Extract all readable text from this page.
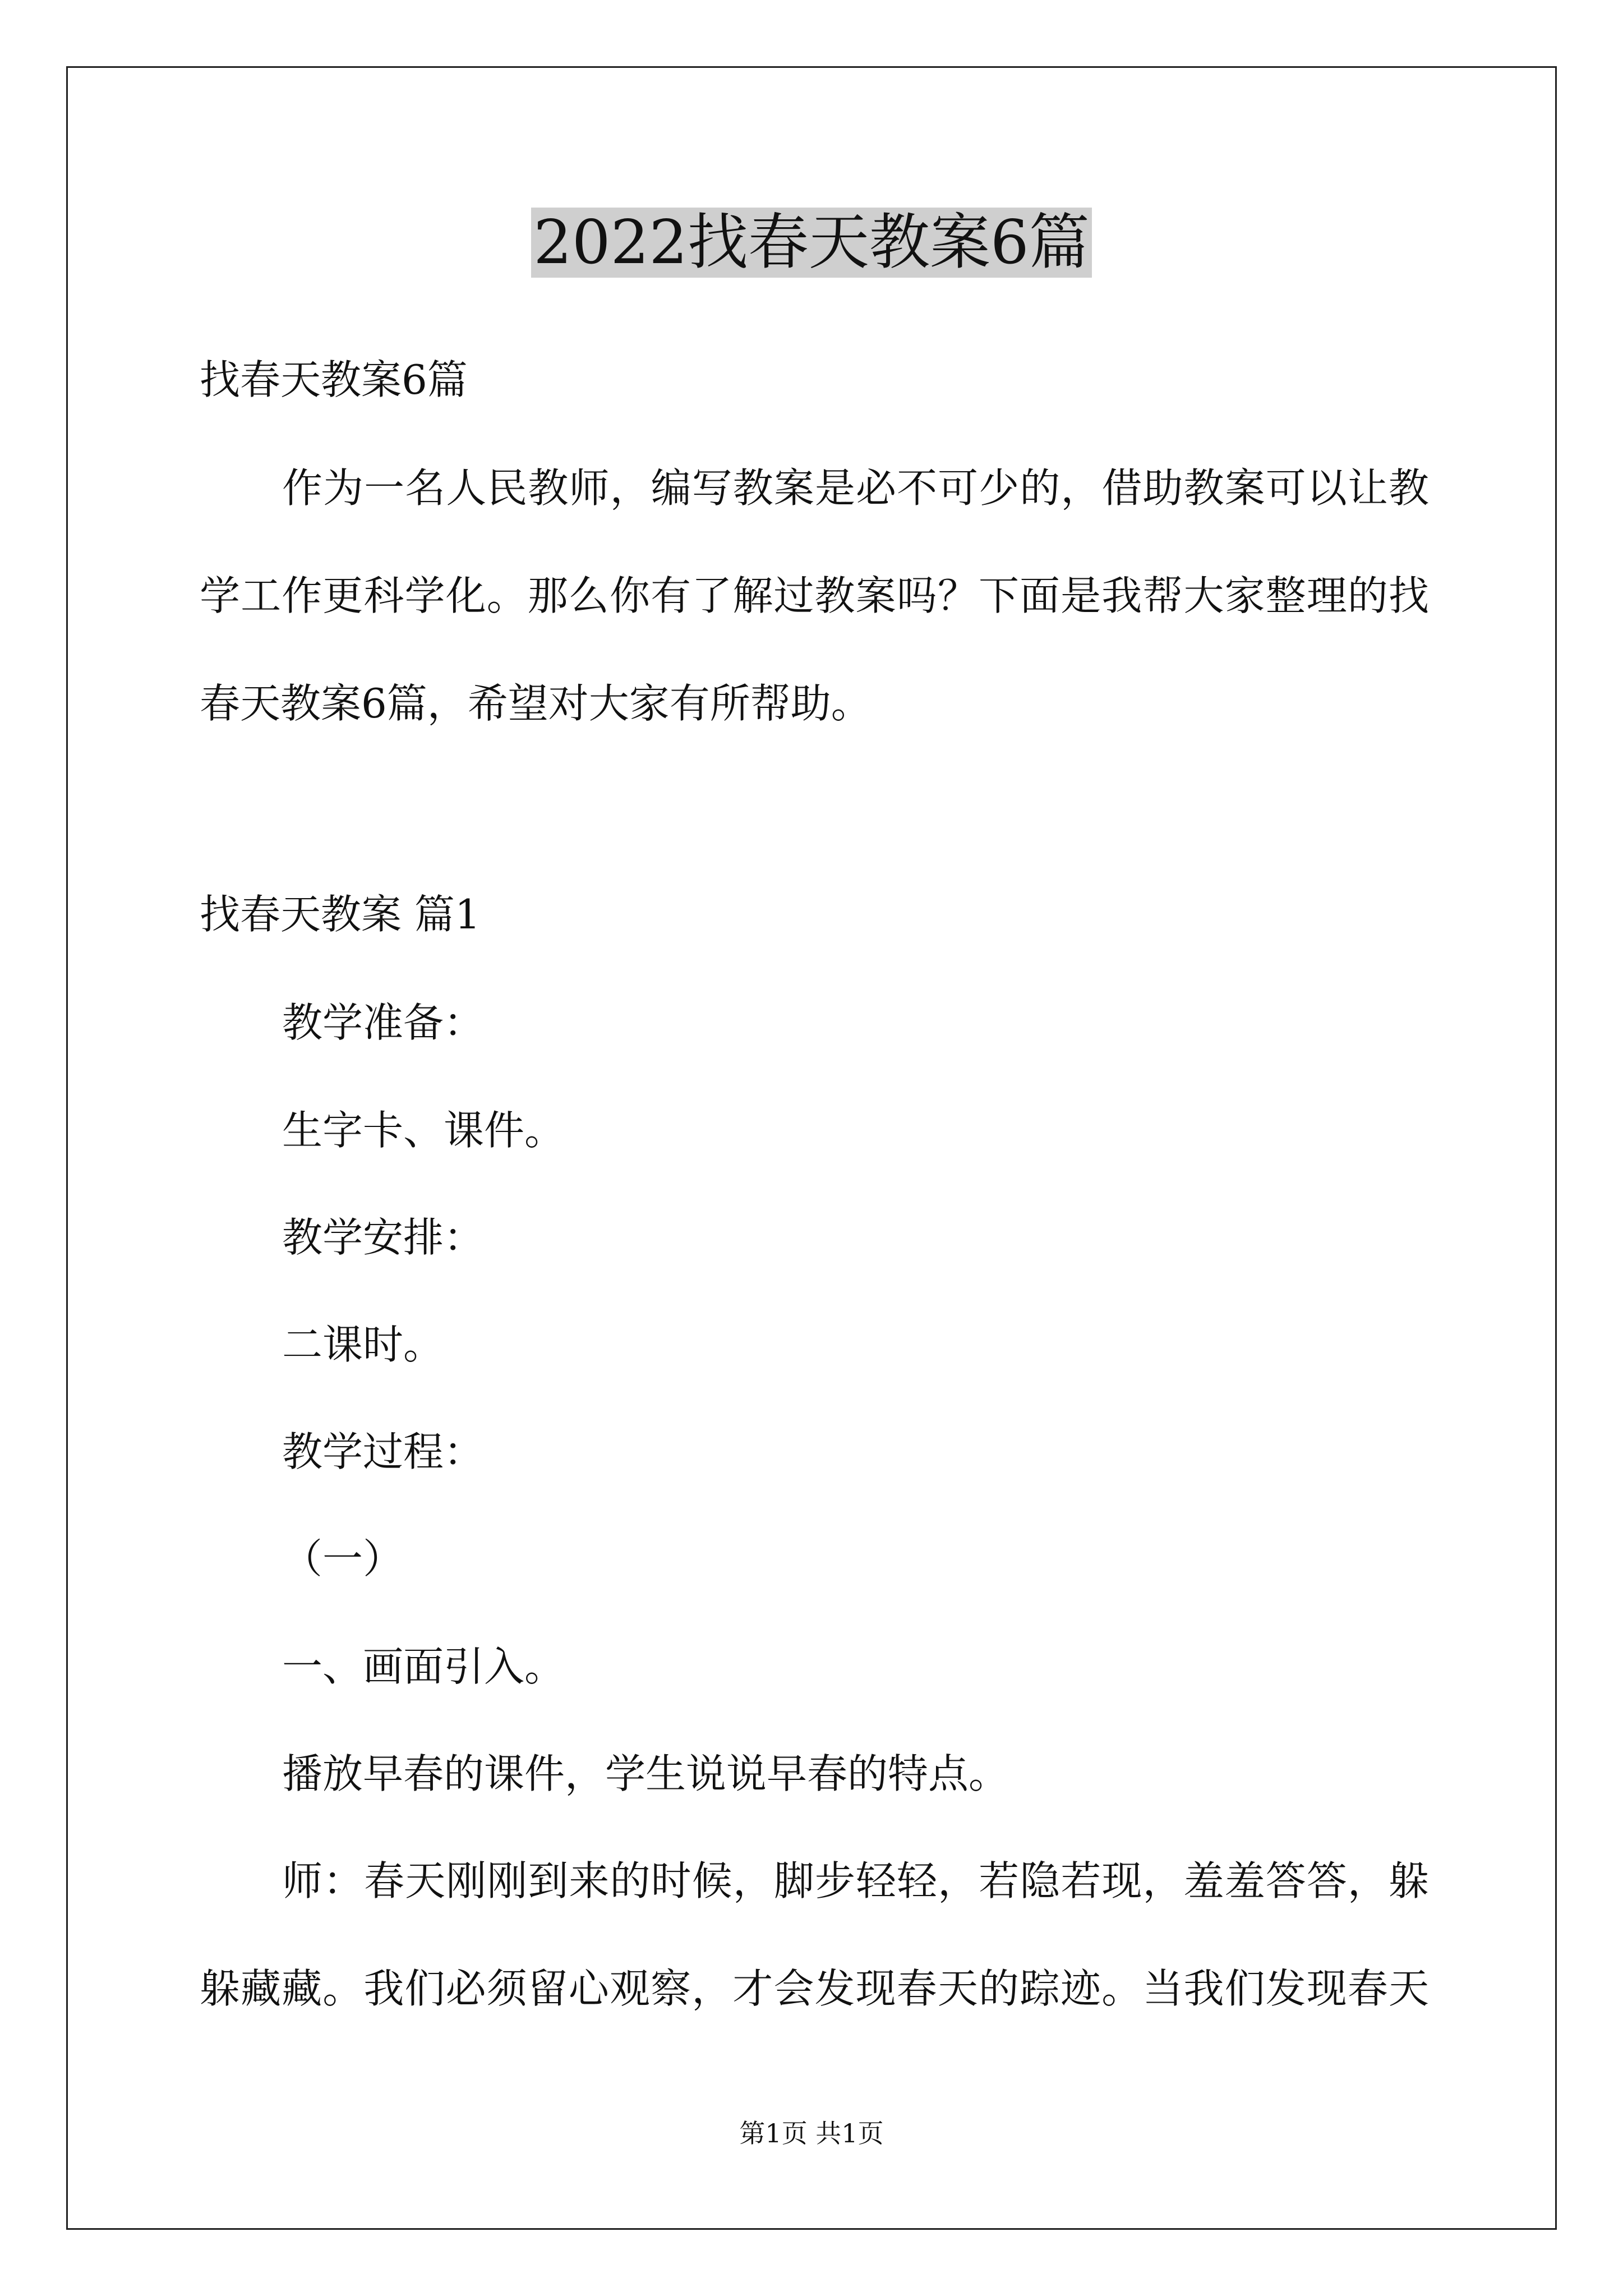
2022找春天教案6篇
找春天教案6篇
作为一名人民教师，编写教案是必不可少的，借助教案可以让教
学工作更科学化。那么你有了解过教案吗？下面是我帮大家整理的找
春天教案6篇，希望对大家有所帮助。
找春天教案 篇1
教学准备：
生字卡、课件。
教学安排：
二课时。
教学过程：
（一）
一、画面引入。
播放早春的课件，学生说说早春的特点。
师：春天刚刚到来的时候，脚步轻轻，若隐若现，羞羞答答，躲
躲藏藏。我们必须留心观察，才会发现春天的踪迹。当我们发现春天
第1页 共1页
